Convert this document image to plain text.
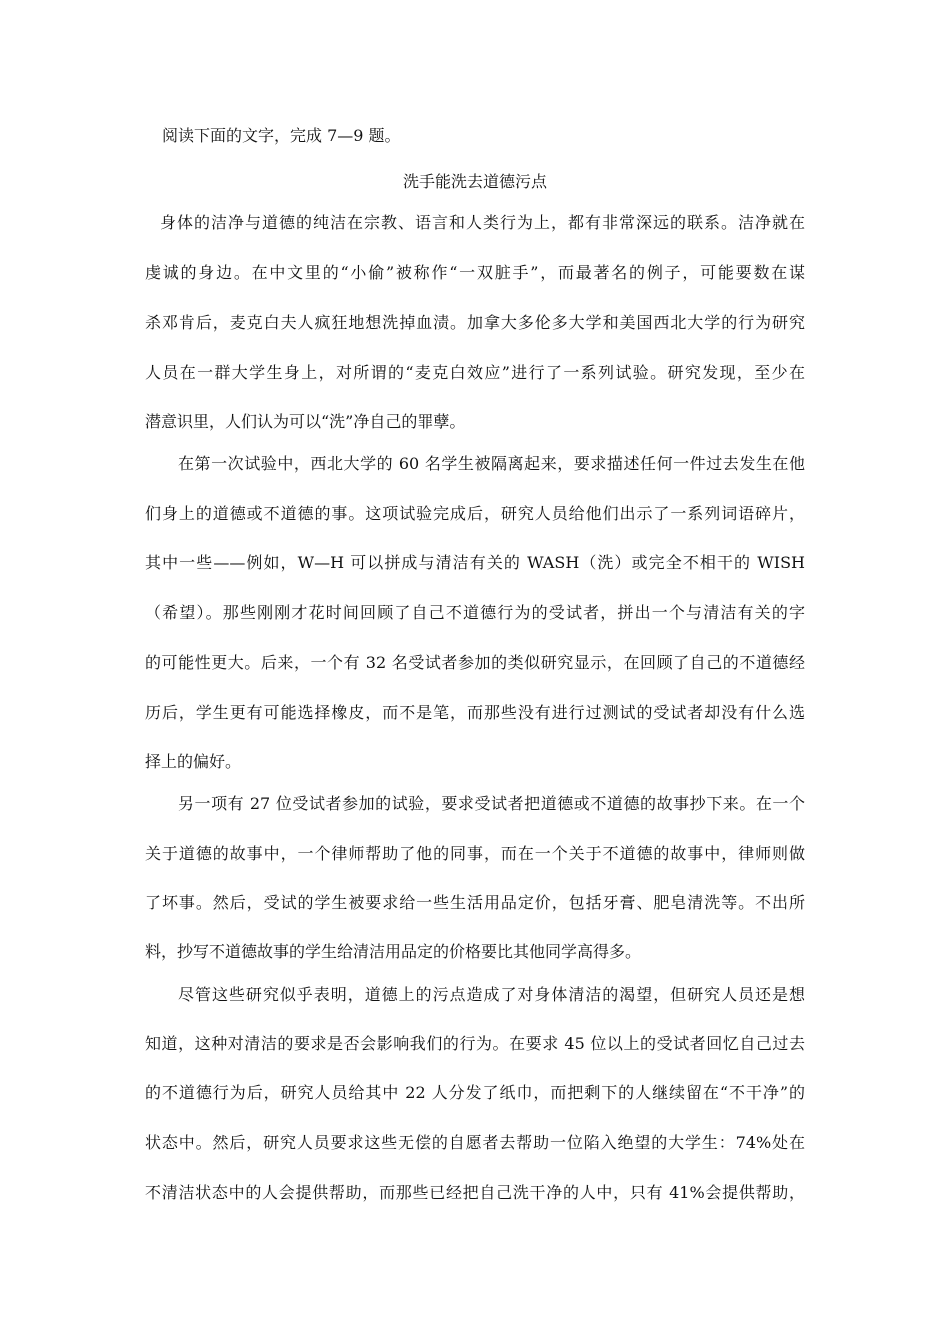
阅读下面的文字，完成 7—9 题。
洗手能洗去道德污点
身体的洁净与道德的纯洁在宗教、语言和人类行为上，都有非常深远的联系。洁净就在
虔诚的身边。在中文里的“小偷”被称作“一双脏手”，而最著名的例子，可能要数在谋
杀邓肯后，麦克白夫人疯狂地想洗掉血渍。加拿大多伦多大学和美国西北大学的行为研究
人员在一群大学生身上，对所谓的“麦克白效应”进行了一系列试验。研究发现，至少在
潜意识里，人们认为可以“洗”净自己的罪孽。
在第一次试验中，西北大学的 60 名学生被隔离起来，要求描述任何一件过去发生在他
们身上的道德或不道德的事。这项试验完成后，研究人员给他们出示了一系列词语碎片，
其中一些——例如，W—H 可以拼成与清洁有关的 WASH（洗）或完全不相干的 WISH
（希望）。那些刚刚才花时间回顾了自己不道德行为的受试者，拼出一个与清洁有关的字
的可能性更大。后来，一个有 32 名受试者参加的类似研究显示，在回顾了自己的不道德经
历后，学生更有可能选择橡皮，而不是笔，而那些没有进行过测试的受试者却没有什么选
择上的偏好。
另一项有 27 位受试者参加的试验，要求受试者把道德或不道德的故事抄下来。在一个
关于道德的故事中，一个律师帮助了他的同事，而在一个关于不道德的故事中，律师则做
了坏事。然后，受试的学生被要求给一些生活用品定价，包括牙膏、肥皂清洗等。不出所
料，抄写不道德故事的学生给清洁用品定的价格要比其他同学高得多。
尽管这些研究似乎表明，道德上的污点造成了对身体清洁的渴望，但研究人员还是想
知道，这种对清洁的要求是否会影响我们的行为。在要求 45 位以上的受试者回忆自己过去
的不道德行为后，研究人员给其中 22 人分发了纸巾，而把剩下的人继续留在“不干净”的
状态中。然后，研究人员要求这些无偿的自愿者去帮助一位陷入绝望的大学生：74%处在
不清洁状态中的人会提供帮助，而那些已经把自己洗干净的人中，只有 41%会提供帮助，
